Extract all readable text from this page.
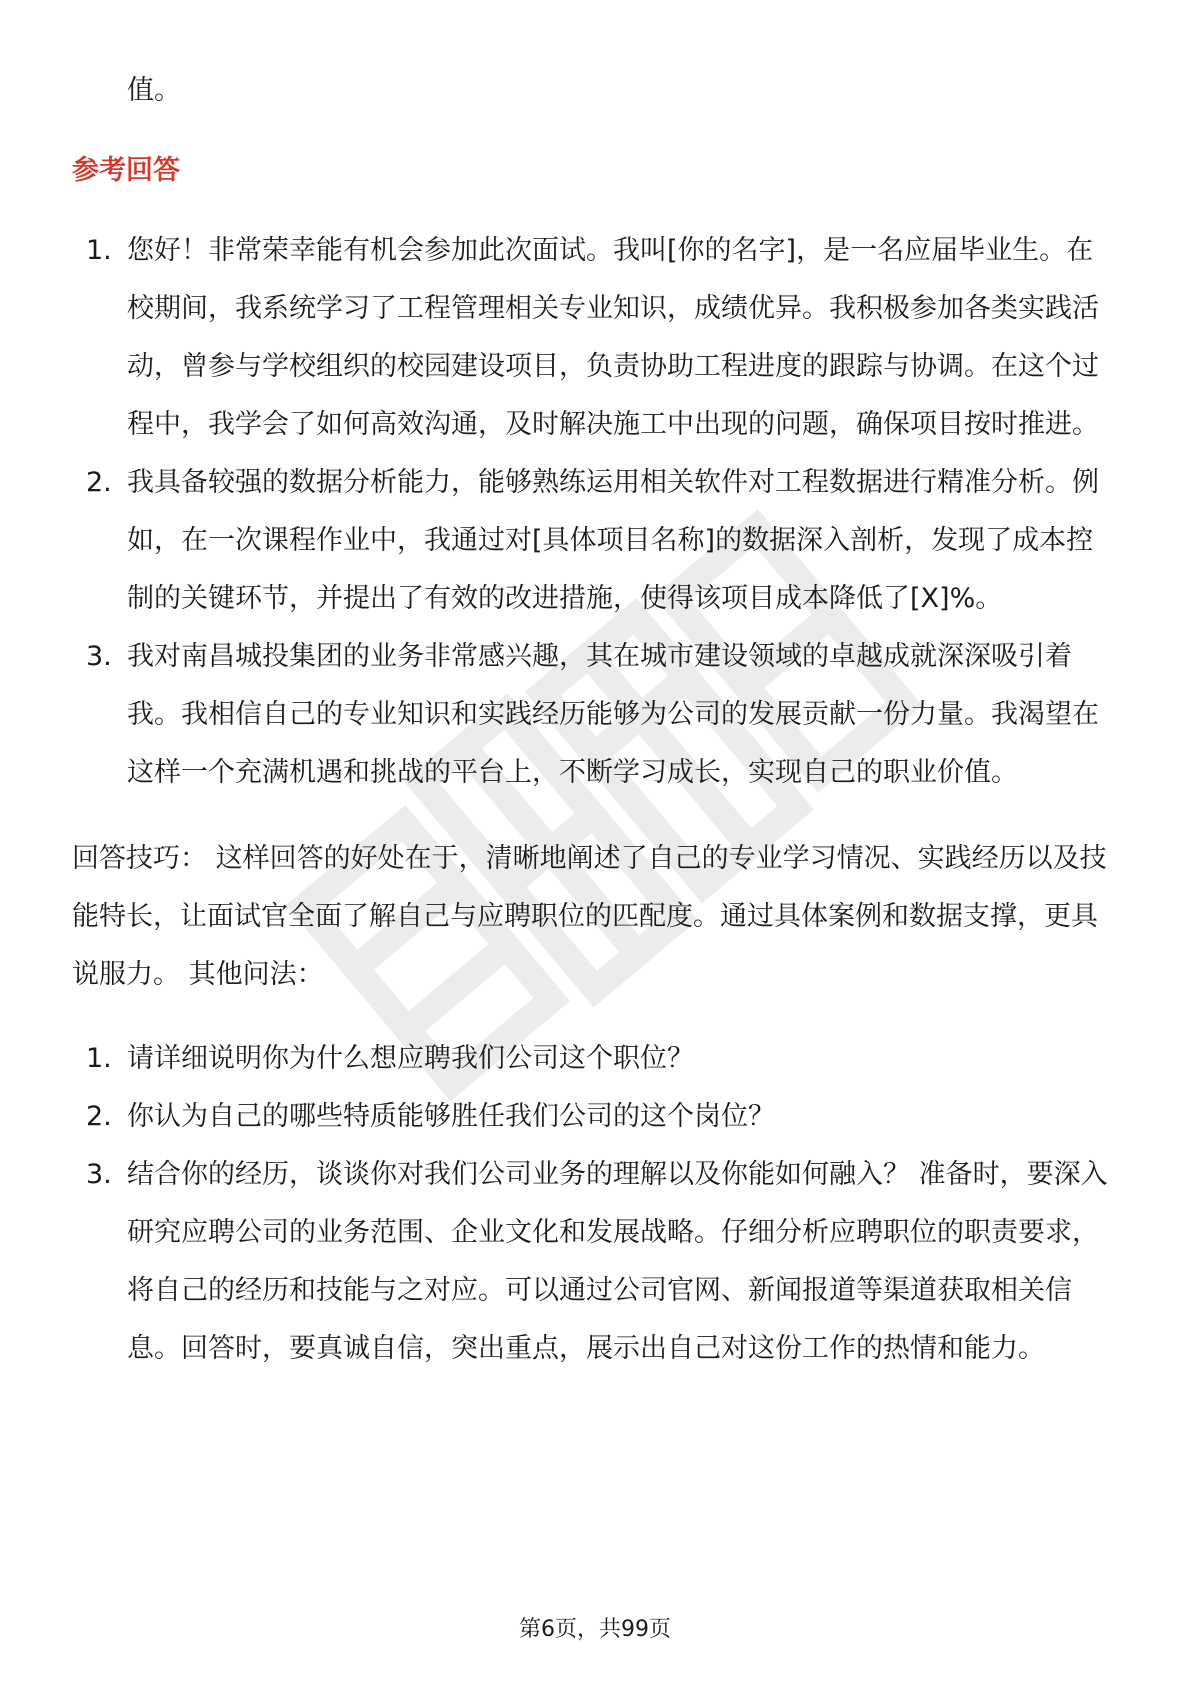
值。

参考回答
1. 您好！非常荣幸能有机会参加此次面试。我叫[你的名字]，是一名应届毕业生。在校期间，我系统学习了工程管理相关专业知识，成绩优异。我积极参加各类实践活动，曾参与学校组织的校园建设项目，负责协助工程进度的跟踪与协调。在这个过程中，我学会了如何高效沟通，及时解决施工中出现的问题，确保项目按时推进。
2. 我具备较强的数据分析能力，能够熟练运用相关软件对工程数据进行精准分析。例如，在一次课程作业中，我通过对[具体项目名称]的数据深入剖析，发现了成本控制的关键环节，并提出了有效的改进措施，使得该项目成本降低了[X]%。
3. 我对南昌城投集团的业务非常感兴趣，其在城市建设领域的卓越成就深深吸引着我。我相信自己的专业知识和实践经历能够为公司的发展贡献一份力量。我渴望在这样一个充满机遇和挑战的平台上，不断学习成长，实现自己的职业价值。

回答技巧： 这样回答的好处在于，清晰地阐述了自己的专业学习情况、实践经历以及技能特长，让面试官全面了解自己与应聘职位的匹配度。通过具体案例和数据支撑，更具说服力。 其他问法：

1. 请详细说明你为什么想应聘我们公司这个职位？
2. 你认为自己的哪些特质能够胜任我们公司的这个岗位？
3. 结合你的经历，谈谈你对我们公司业务的理解以及你能如何融入？ 准备时，要深入研究应聘公司的业务范围、企业文化和发展战略。仔细分析应聘职位的职责要求，将自己的经历和技能与之对应。可以通过公司官网、新闻报道等渠道获取相关信息。回答时，要真诚自信，突出重点，展示出自己对这份工作的热情和能力。
第6页，共99页
